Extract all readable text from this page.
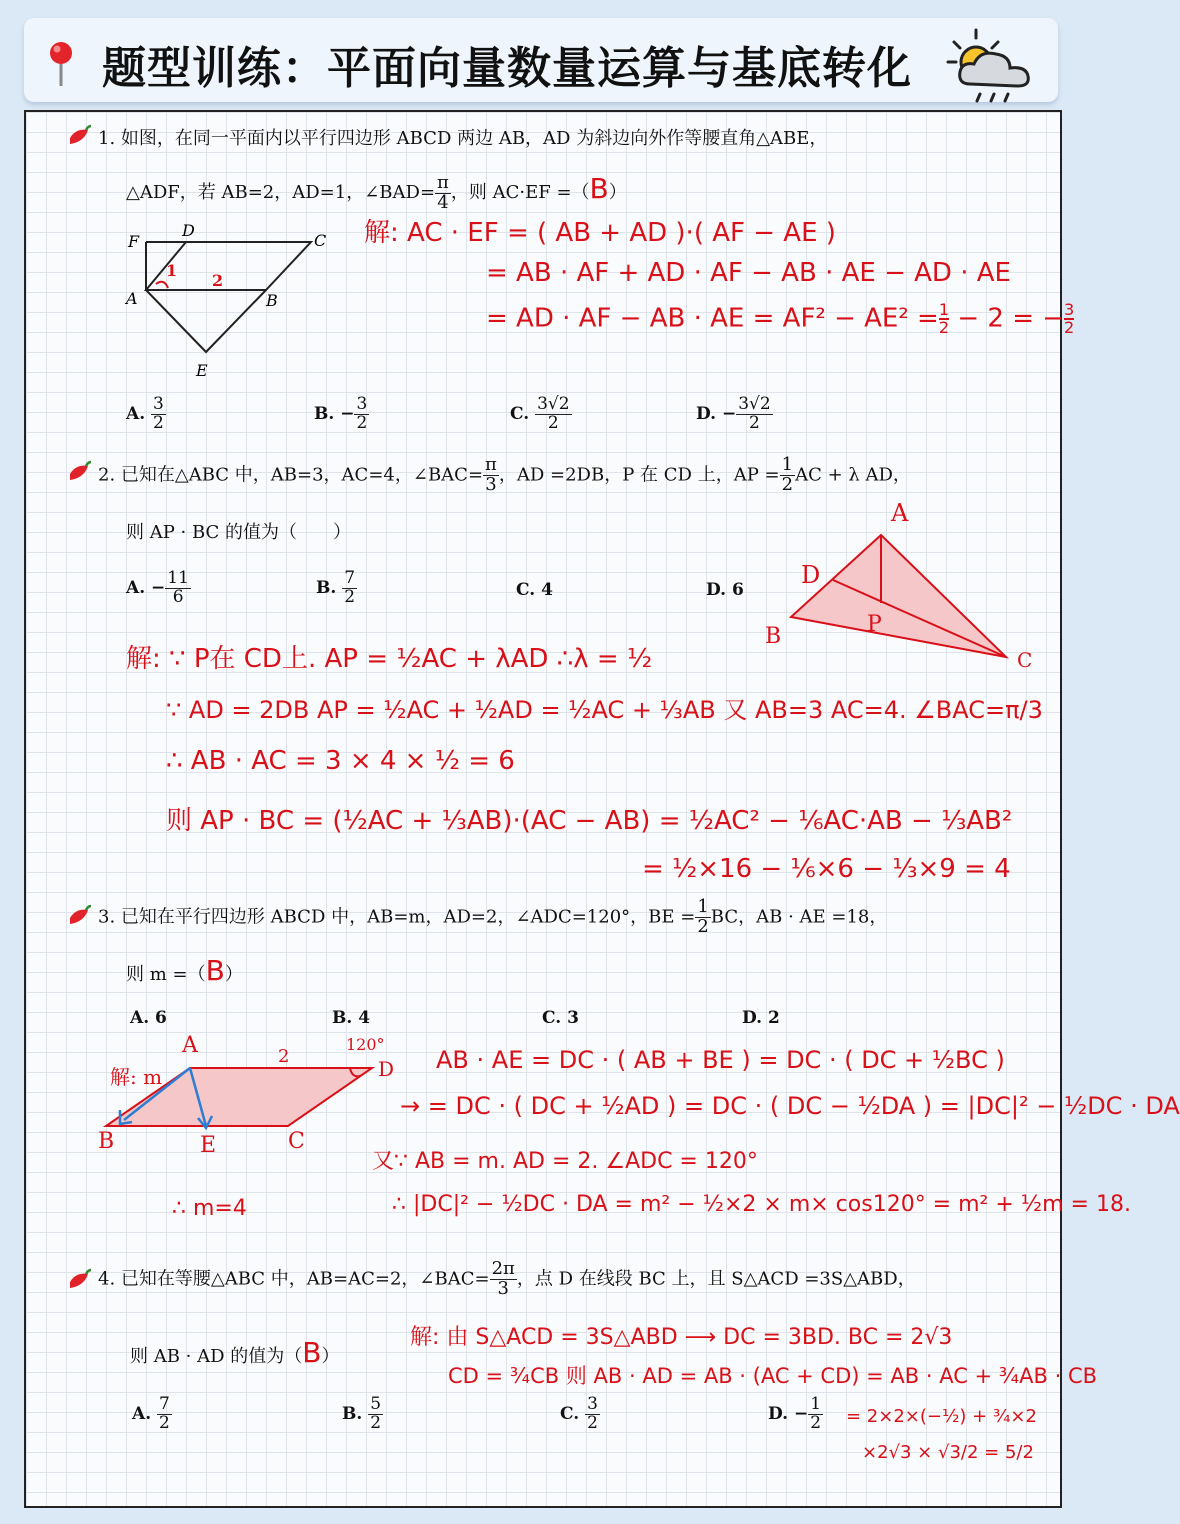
题型训练：平面向量数量运算与基底转化
1. 如图，在同一平面内以平行四边形 ABCD 两边 AB，AD 为斜边向外作等腰直角△ABE，
△ADF，若 AB=2，AD=1，∠BAD= $\frac{\pi}{4}$ ，则 AC·EF =（B）
F
D
C
A	B
E
1
2
解: AC · EF = ( AB + AD )·( AF − AE )
= AB · AF + AD · AF − AB · AE − AD · AE
= AD · AF − AB · AE = $AF^2 - AE^2 = \frac{1}{2} - 2$ = − $\frac{3}{2}$
A. $\frac{3}{2}$	B. − $\frac{3}{2}$	C. $\frac{3√2}{2}$	D. − $\frac{3√2}{2}$
2. 已知在△ABC 中，AB=3，AC=4，∠BAC= $\frac{\pi}{3}$ ，AD =2DB，P 在 CD 上，AP = $\frac{1}{2}$ AC + λ AD，
则 AP · BC 的值为（　　）
A. − $\frac{11}{6}$	B. $\frac{7}{2}$	C. 4	D. 6
A
D
B
C
P
解: ∵ P在 CD上. AP = ½AC + λAD ∴λ = ½
∵ AD = 2DB AP = ½AC + ½AD = ½AC + ⅓AB 又 AB=3 AC=4. ∠BAC=π/3
∴ AB · AC = 3 × 4 × ½ = 6
则 AP · BC = (½AC + ⅓AB)·(AC − AB) = ½AC² − ⅙AC·AB − ⅓AB²
= ½×16 − ⅙×6 − ⅓×9 = 4
3. 已知在平行四边形 ABCD 中，AB=m，AD=2，∠ADC=120°，BE = $\frac{1}{2}$ BC，AB · AE =18，
则 m =（B）
A. 6	B. 4	C. 3	D. 2
A
B	E	C
D
2
120°
解: m
AB · AE = DC · ( AB + BE ) = DC · ( DC + ½BC )
→ = DC · ( DC + ½AD ) = DC · ( DC − ½DA ) = |DC|² − ½DC · DA
又∵ AB = m. AD = 2. ∠ADC = 120°
∴ |DC|² − ½DC · DA = m² − ½×2 × m× cos120° = m² + ½m = 18.
∴ m=4
4. 已知在等腰△ABC 中，AB=AC=2，∠BAC= $\frac{2\pi}{3}$ ，点 D 在线段 BC 上，且 S△ACD =3S△ABD，
则 AB · AD 的值为（B）
解: 由 S△ACD = 3S△ABD ⟶ DC = 3BD. BC = 2√3
CD = ¾CB 则 AB · AD = AB · (AC + CD) = AB · AC + ¾AB · CB
A. $\frac{7}{2}$	B. $\frac{5}{2}$	C. $\frac{3}{2}$	D. − $\frac{1}{2}$ = 2×2×(−½) + ¾×2
×2√3 × √3/2 = 5/2
